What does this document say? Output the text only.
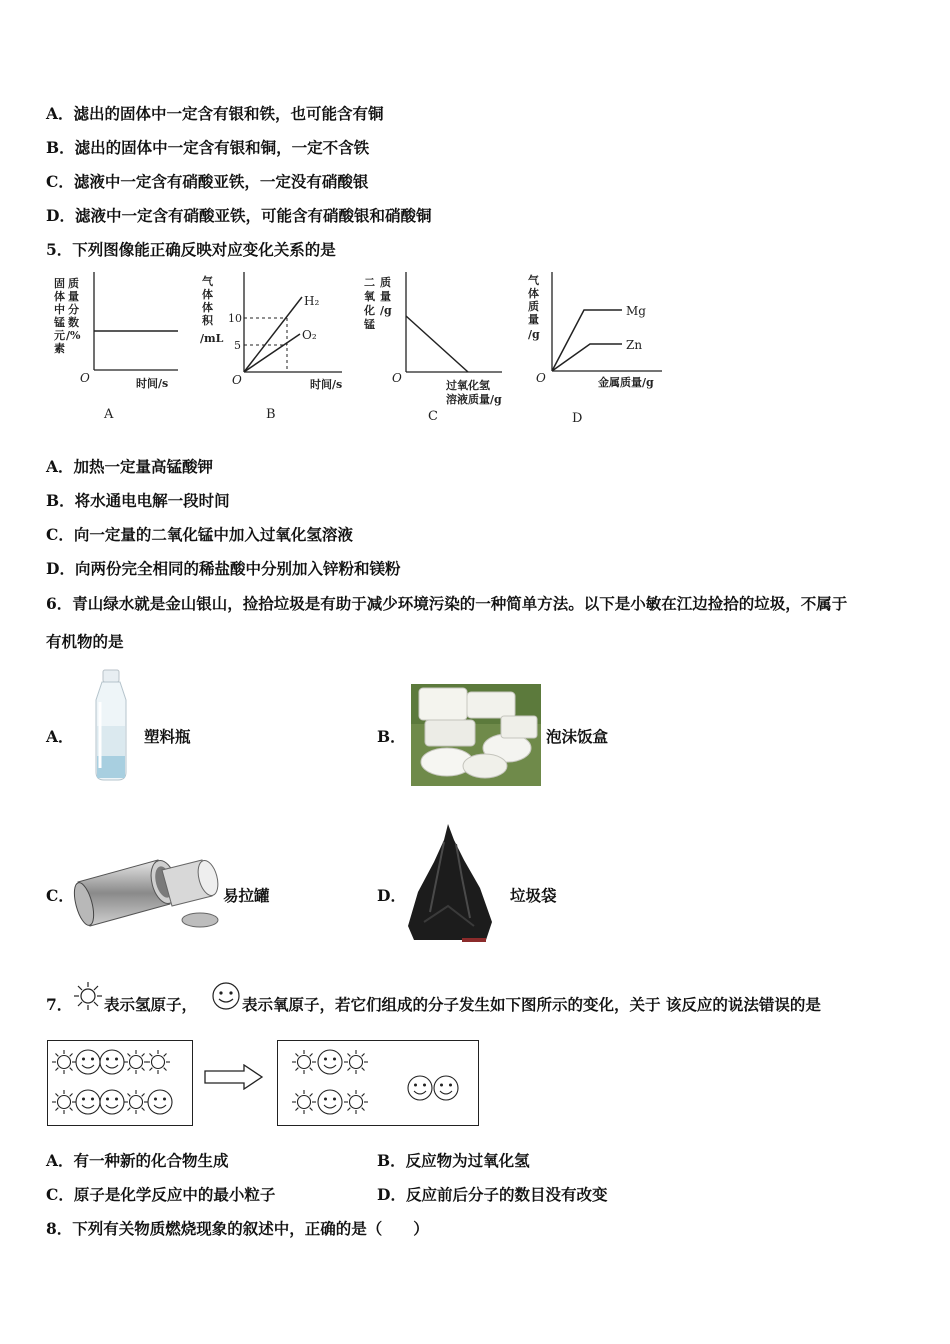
A．滤出的固体中一定含有银和铁，也可能含有铜
B．滤出的固体中一定含有银和铜，一定不含铁
C．滤液中一定含有硝酸亚铁，一定没有硝酸银
D．滤液中一定含有硝酸亚铁，可能含有硝酸银和硝酸铜
5．下列图像能正确反映对应变化关系的是
固
体
中
锰
元
素
质
量
分
数
/%
O	时间/s
A
气
体
体
积
/mL
10
5
H₂
O₂
O	时间/s
B
二
氧
化
锰
质
量
/g
O
过氧化氢
溶液质量/g
C
气
体
质
量
/g
Mg
Zn
O	金属质量/g
D
A．加热一定量高锰酸钾
B．将水通电电解一段时间
C．向一定量的二氧化锰中加入过氧化氢溶液
D．向两份完全相同的稀盐酸中分别加入锌粉和镁粉
6．青山绿水就是金山银山，捡拾垃圾是有助于减少环境污染的一种简单方法。以下是小敏在江边捡拾的垃圾，不属于
有机物的是
A．	塑料瓶	B．	泡沫饭盒
C．	易拉罐	D．	垃圾袋
7． 表示氢原子，	表示氧原子，若它们组成的分子发生如下图所示的变化，关于 该反应的说法错误的是
A．有一种新的化合物生成	B．反应物为过氧化氢
C．原子是化学反应中的最小粒子	D．反应前后分子的数目没有改变
8．下列有关物质燃烧现象的叙述中，正确的是（　　）
